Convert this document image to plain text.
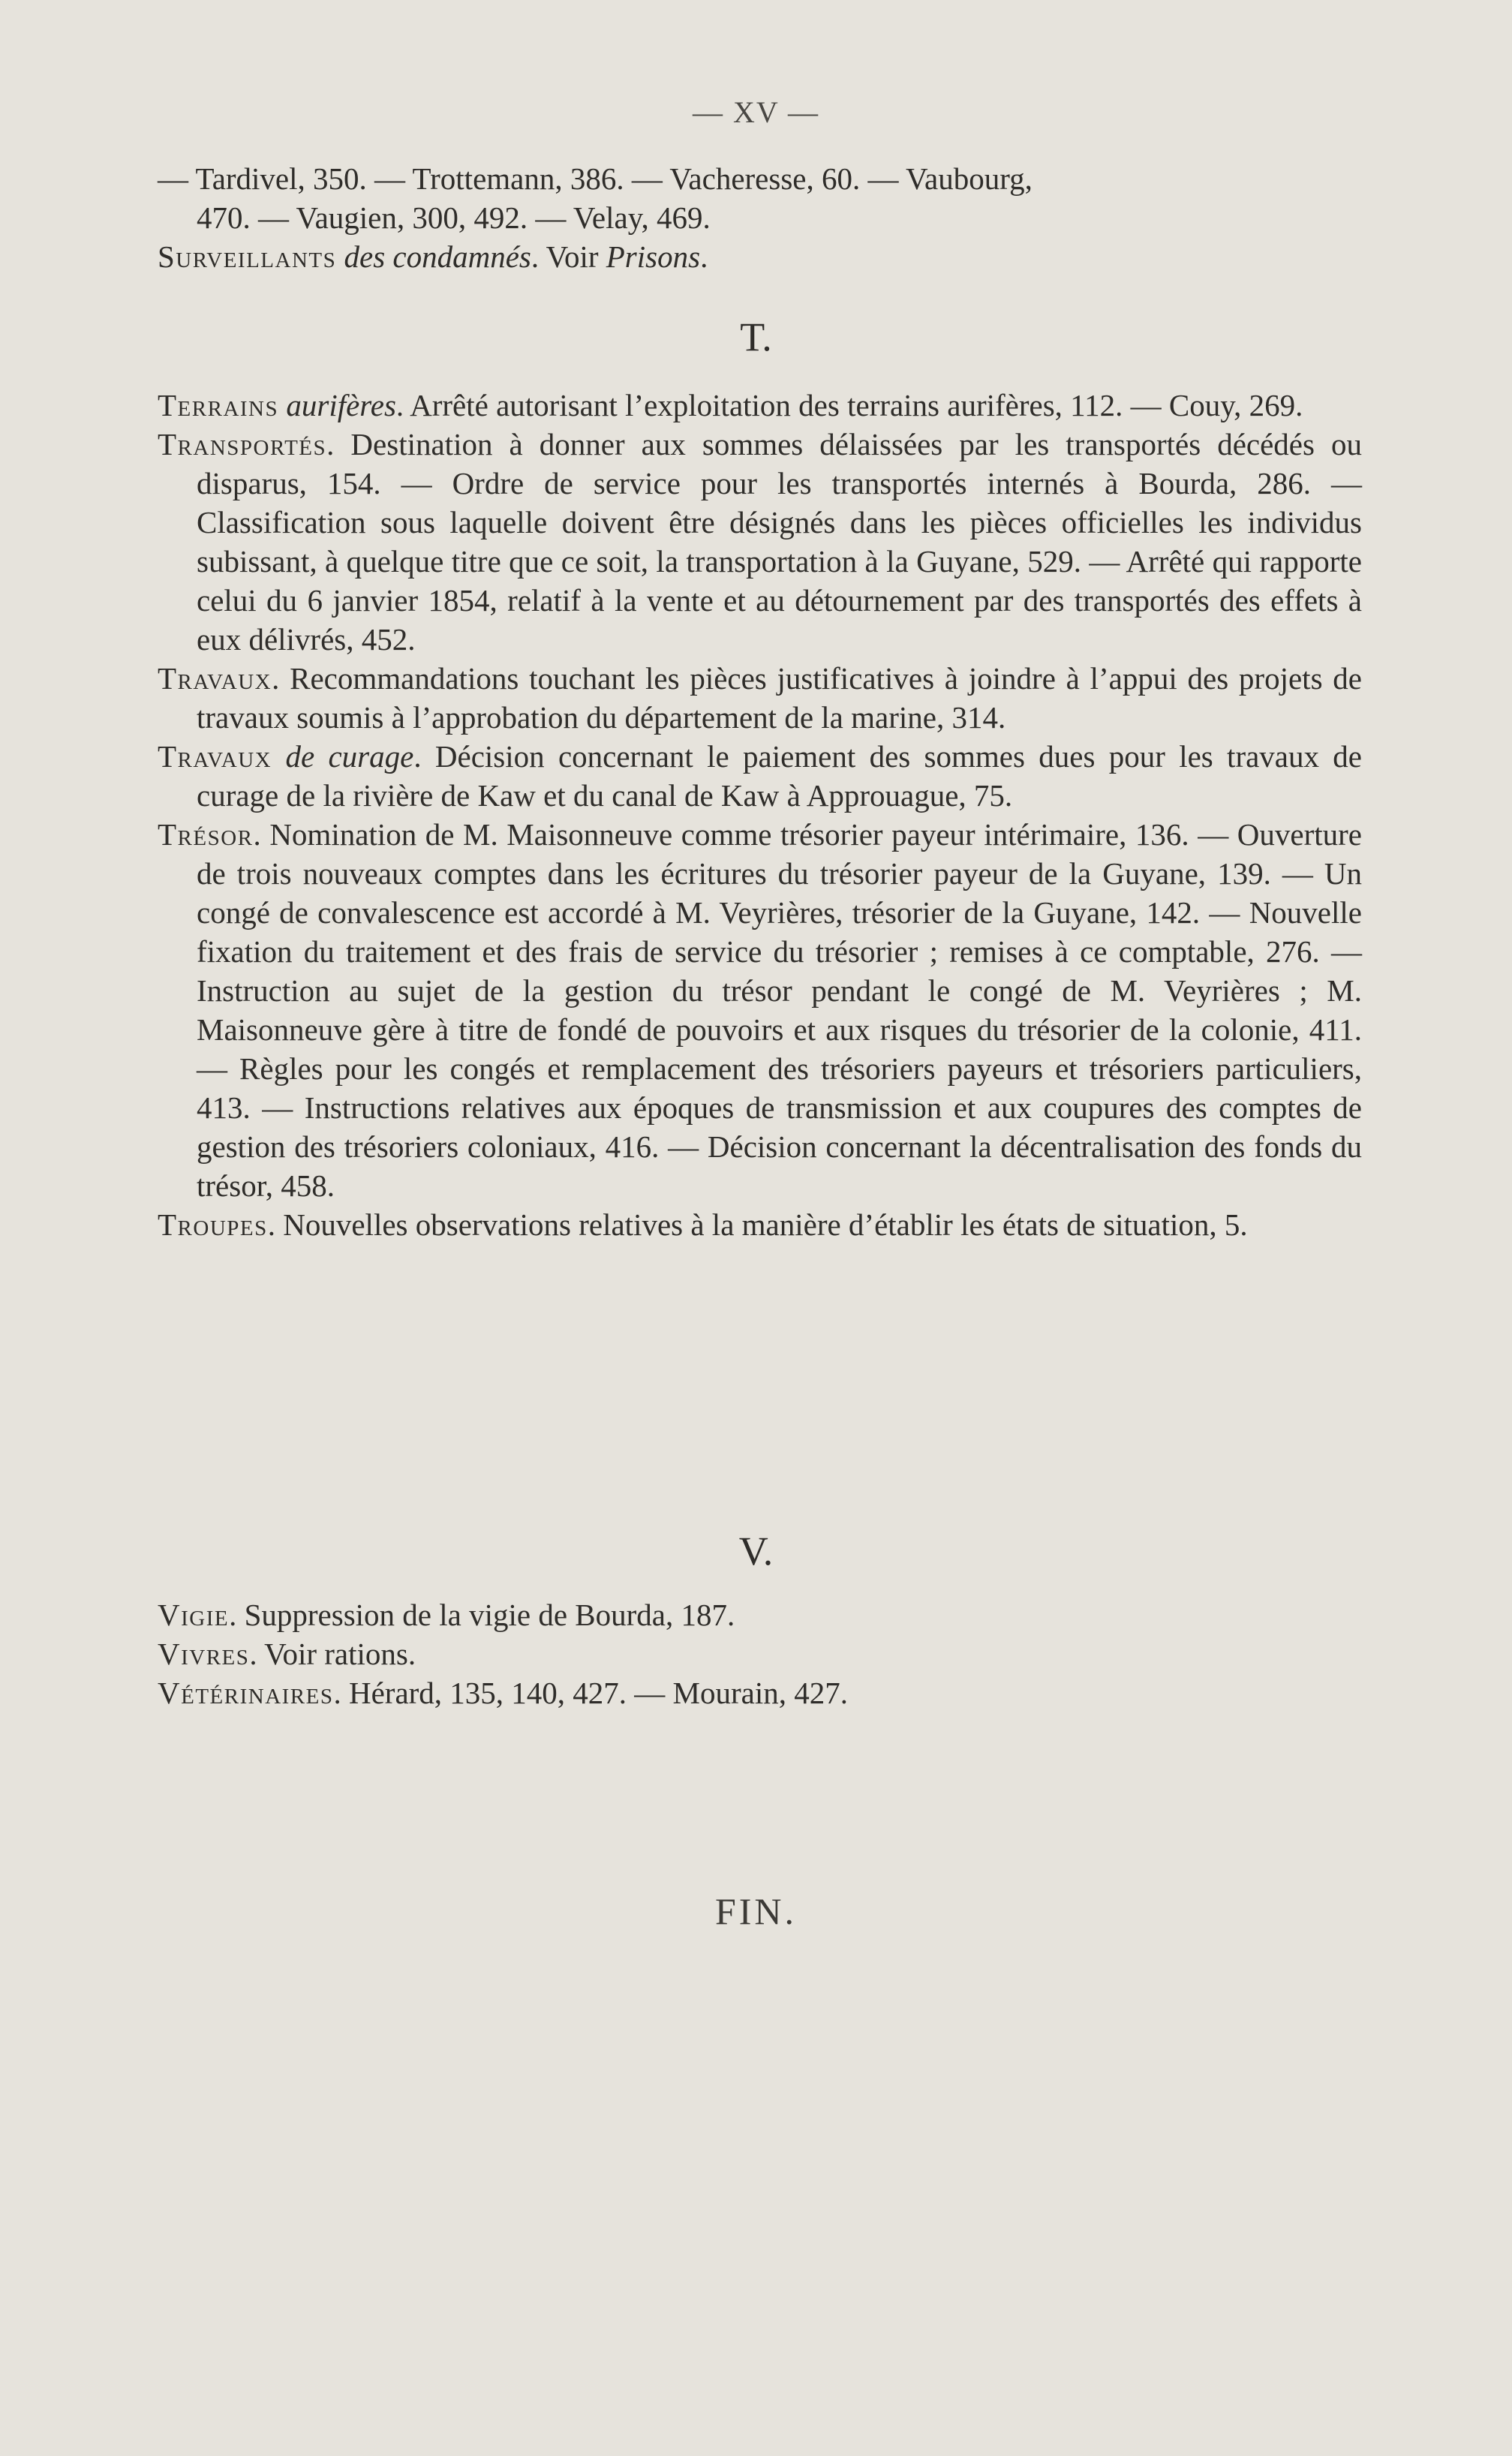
— XV —

— Tardivel, 350. — Trottemann, 386. — Vacheresse, 60. — Vaubourg,

470. — Vaugien, 300, 492. — Velay, 469.

Surveillants des condamnés. Voir Prisons.

T.

Terrains aurifères. Arrêté autorisant l’exploitation des terrains aurifères, 112. — Couy, 269.

Transportés. Destination à donner aux sommes délaissées par les transportés décédés ou disparus, 154. — Ordre de service pour les transportés internés à Bourda, 286. — Classification sous laquelle doivent être désignés dans les pièces officielles les individus subissant, à quelque titre que ce soit, la transportation à la Guyane, 529. — Arrêté qui rapporte celui du 6 janvier 1854, relatif à la vente et au détournement par des transportés des effets à eux délivrés, 452.

Travaux. Recommandations touchant les pièces justificatives à joindre à l’appui des projets de travaux soumis à l’approbation du département de la marine, 314.

Travaux de curage. Décision concernant le paiement des sommes dues pour les travaux de curage de la rivière de Kaw et du canal de Kaw à Approuague, 75.

Trésor. Nomination de M. Maisonneuve comme trésorier payeur intérimaire, 136. — Ouverture de trois nouveaux comptes dans les écritures du trésorier payeur de la Guyane, 139. — Un congé de convalescence est accordé à M. Veyrières, trésorier de la Guyane, 142. — Nouvelle fixation du traitement et des frais de service du trésorier ; remises à ce comptable, 276. — Instruction au sujet de la gestion du trésor pendant le congé de M. Veyrières ; M. Maisonneuve gère à titre de fondé de pouvoirs et aux risques du trésorier de la colonie, 411. — Règles pour les congés et remplacement des trésoriers payeurs et trésoriers particuliers, 413. — Instructions relatives aux époques de transmission et aux coupures des comptes de gestion des trésoriers coloniaux, 416. — Décision concernant la décentralisation des fonds du trésor, 458.

Troupes. Nouvelles observations relatives à la manière d’établir les états de situation, 5.

V.

Vigie. Suppression de la vigie de Bourda, 187.

Vivres. Voir rations.

Vétérinaires. Hérard, 135, 140, 427. — Mourain, 427.

FIN.
